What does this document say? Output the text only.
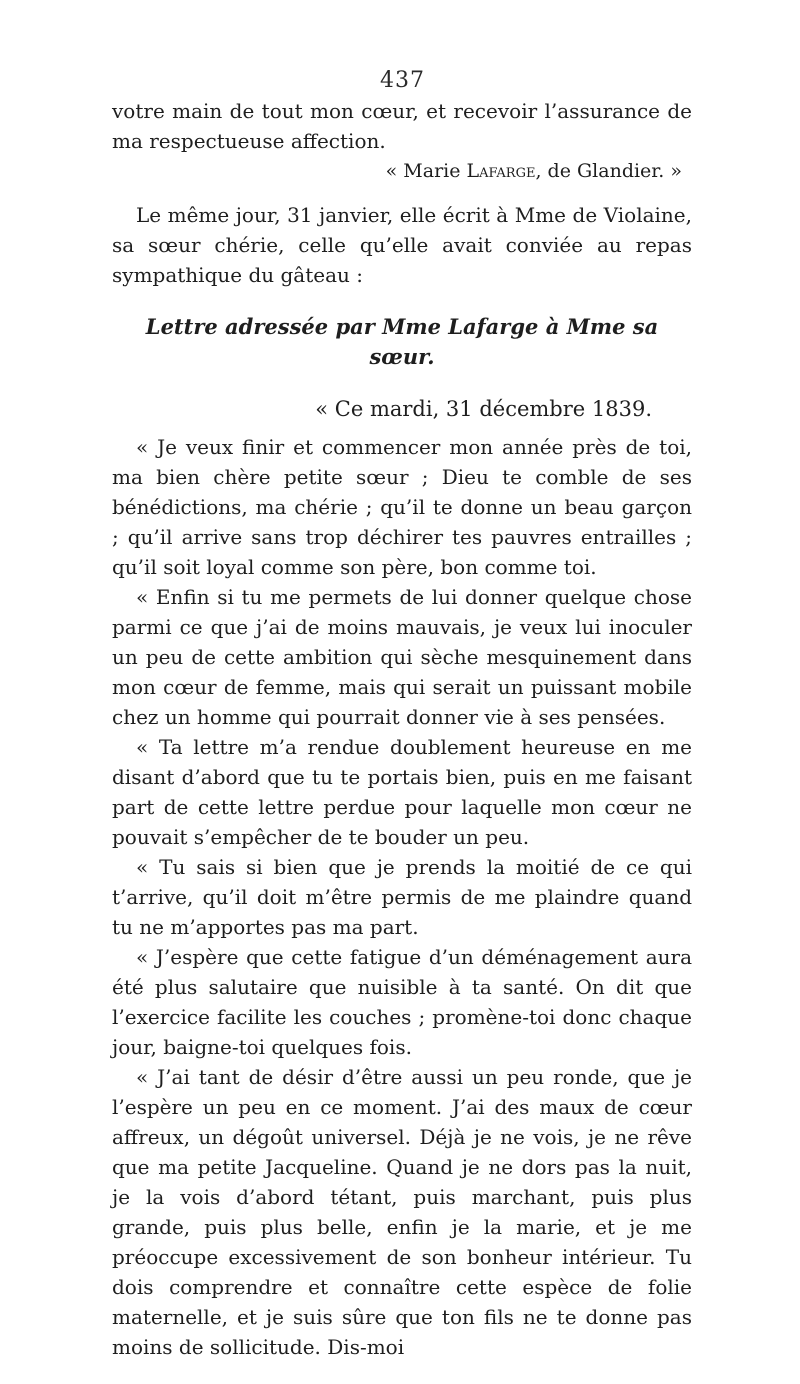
437

votre main de tout mon cœur, et recevoir l’assurance de ma respectueuse affection.

« Marie Lafarge, de Glandier. »

Le même jour, 31 janvier, elle écrit à Mme de Violaine, sa sœur chérie, celle qu’elle avait conviée au repas sympathique du gâteau :

Lettre adressée par Mme Lafarge à Mme sa sœur.

« Ce mardi, 31 décembre 1839.

« Je veux finir et commencer mon année près de toi, ma bien chère petite sœur ; Dieu te comble de ses bénédictions, ma chérie ; qu’il te donne un beau garçon ; qu’il arrive sans trop déchirer tes pauvres entrailles ; qu’il soit loyal comme son père, bon comme toi.

« Enfin si tu me permets de lui donner quelque chose parmi ce que j’ai de moins mauvais, je veux lui inoculer un peu de cette ambition qui sèche mesquinement dans mon cœur de femme, mais qui serait un puissant mobile chez un homme qui pourrait donner vie à ses pensées.

« Ta lettre m’a rendue doublement heureuse en me disant d’abord que tu te portais bien, puis en me faisant part de cette lettre perdue pour laquelle mon cœur ne pouvait s’empêcher de te bouder un peu.

« Tu sais si bien que je prends la moitié de ce qui t’arrive, qu’il doit m’être permis de me plaindre quand tu ne m’apportes pas ma part.

« J’espère que cette fatigue d’un déménagement aura été plus salutaire que nuisible à ta santé. On dit que l’exercice facilite les couches ; promène-toi donc chaque jour, baigne-toi quelques fois.

« J’ai tant de désir d’être aussi un peu ronde, que je l’espère un peu en ce moment. J’ai des maux de cœur affreux, un dégoût universel. Déjà je ne vois, je ne rêve que ma petite Jacqueline. Quand je ne dors pas la nuit, je la vois d’abord tétant, puis marchant, puis plus grande, puis plus belle, enfin je la marie, et je me préoccupe excessivement de son bonheur intérieur. Tu dois comprendre et connaître cette espèce de folie maternelle, et je suis sûre que ton fils ne te donne pas moins de sollicitude. Dis-moi
